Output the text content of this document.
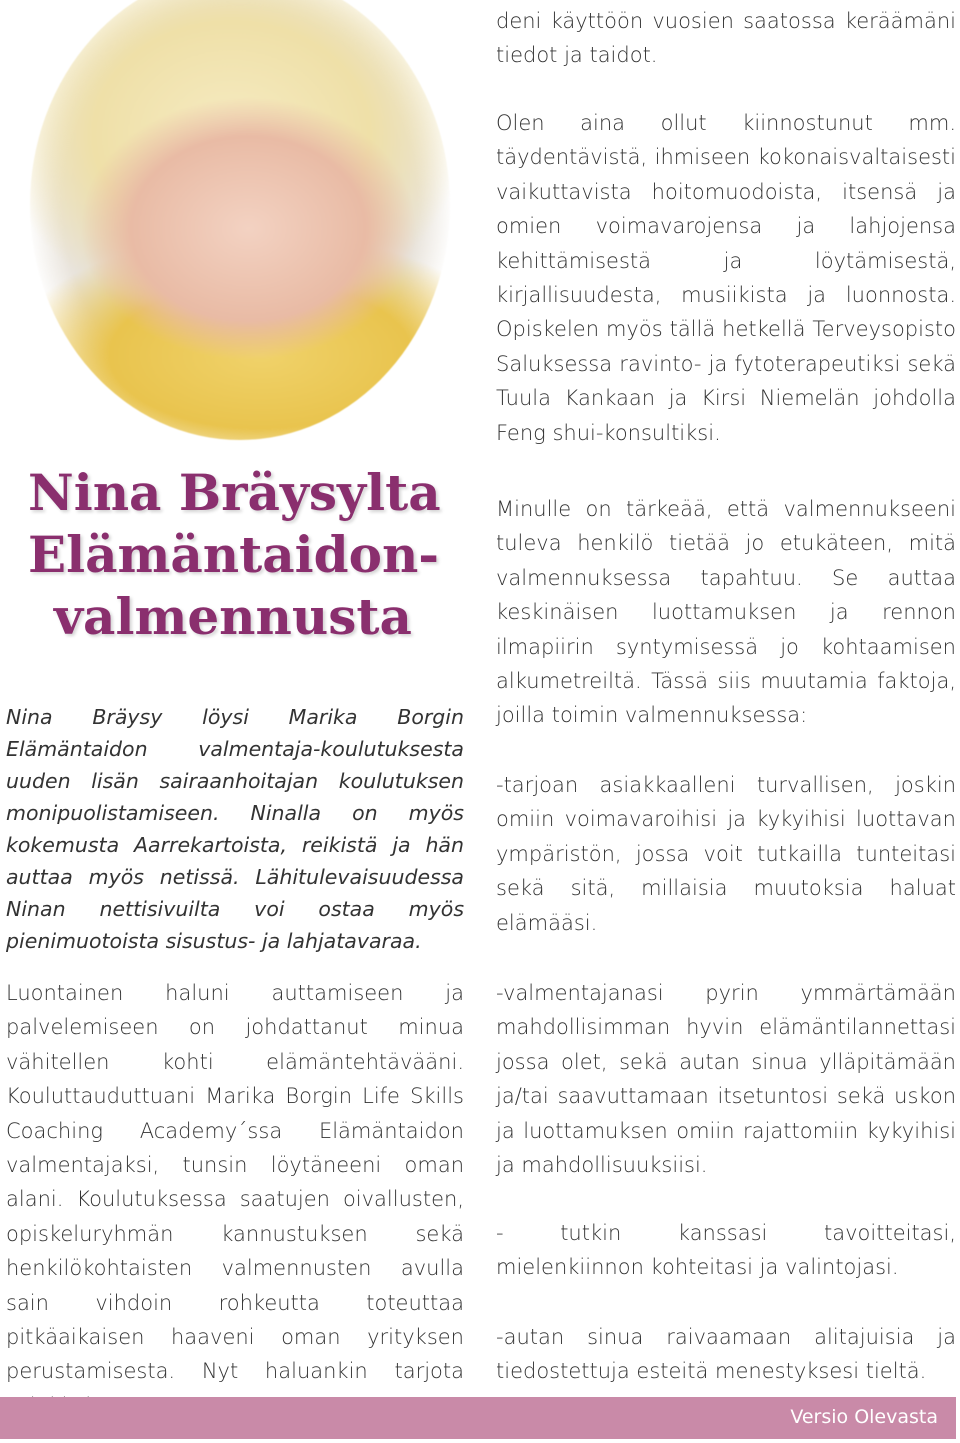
Nina Bräysylta
Elämäntaidon-
valmennusta

Nina Bräysy löysi Marika Borgin Elämäntaidon valmentaja-koulutuksesta uuden lisän sairaanhoitajan koulutuksen monipuolistamiseen. Ninalla on myös kokemusta Aarrekartoista, reikistä ja hän auttaa myös netissä. Lähitulevaisuudessa Ninan nettisivuilta voi ostaa myös pienimuotoista sisustus- ja lahjatavaraa.

Luontainen haluni auttamiseen ja palvelemiseen on johdattanut minua vähitellen kohti elämäntehtävääni. Kouluttauduttuani Marika Borgin Life Skills Coaching Academy´ssa Elämäntaidon valmentajaksi, tunsin löytäneeni oman alani. Koulutuksessa saatujen oivallusten, opiskeluryhmän kannustuksen sekä henkilökohtaisten valmennusten avulla sain vihdoin rohkeutta toteuttaa pitkäaikaisen haaveni oman yrityksen perustamisesta. Nyt haluankin tarjota

deni käyttöön vuosien saatossa keräämäni tiedot ja taidot.

Olen aina ollut kiinnostunut mm. täydentävistä, ihmiseen kokonaisvaltaisesti vaikuttavista hoitomuodoista, itsensä ja omien voimavarojensa ja lahjojensa kehittämisestä ja löytämisestä, kirjallisuudesta, musiikista ja luonnosta. Opiskelen myös tällä hetkellä Terveysopisto Saluksessa ravinto- ja fytoterapeutiksi sekä Tuula Kankaan ja Kirsi Niemelän johdolla Feng shui-konsultiksi.

Minulle on tärkeää, että valmennukseeni tuleva henkilö tietää jo etukäteen, mitä valmennuksessa tapahtuu. Se auttaa keskinäisen luottamuksen ja rennon ilmapiirin syntymisessä jo kohtaamisen alkumetreiltä. Tässä siis muutamia faktoja, joilla toimin valmennuksessa:

-tarjoan asiakkaalleni turvallisen, joskin omiin voimavaroihisi ja kykyihisi luottavan ympäristön, jossa voit tutkailla tunteitasi sekä sitä, millaisia muutoksia haluat elämääsi.

-valmentajanasi pyrin ymmärtämään mahdollisimman hyvin elämäntilannettasi jossa olet, sekä autan sinua ylläpitämään ja/tai saavuttamaan itsetuntosi sekä uskon ja luottamuksen omiin rajattomiin kykyihisi ja mahdollisuuksiisi.

- tutkin kanssasi tavoitteitasi, mielenkiinnon kohteitasi ja valintojasi.

-autan sinua raivaamaan alitajuisia ja tiedostettuja esteitä menestyksesi tieltä.

Versio Olevasta
